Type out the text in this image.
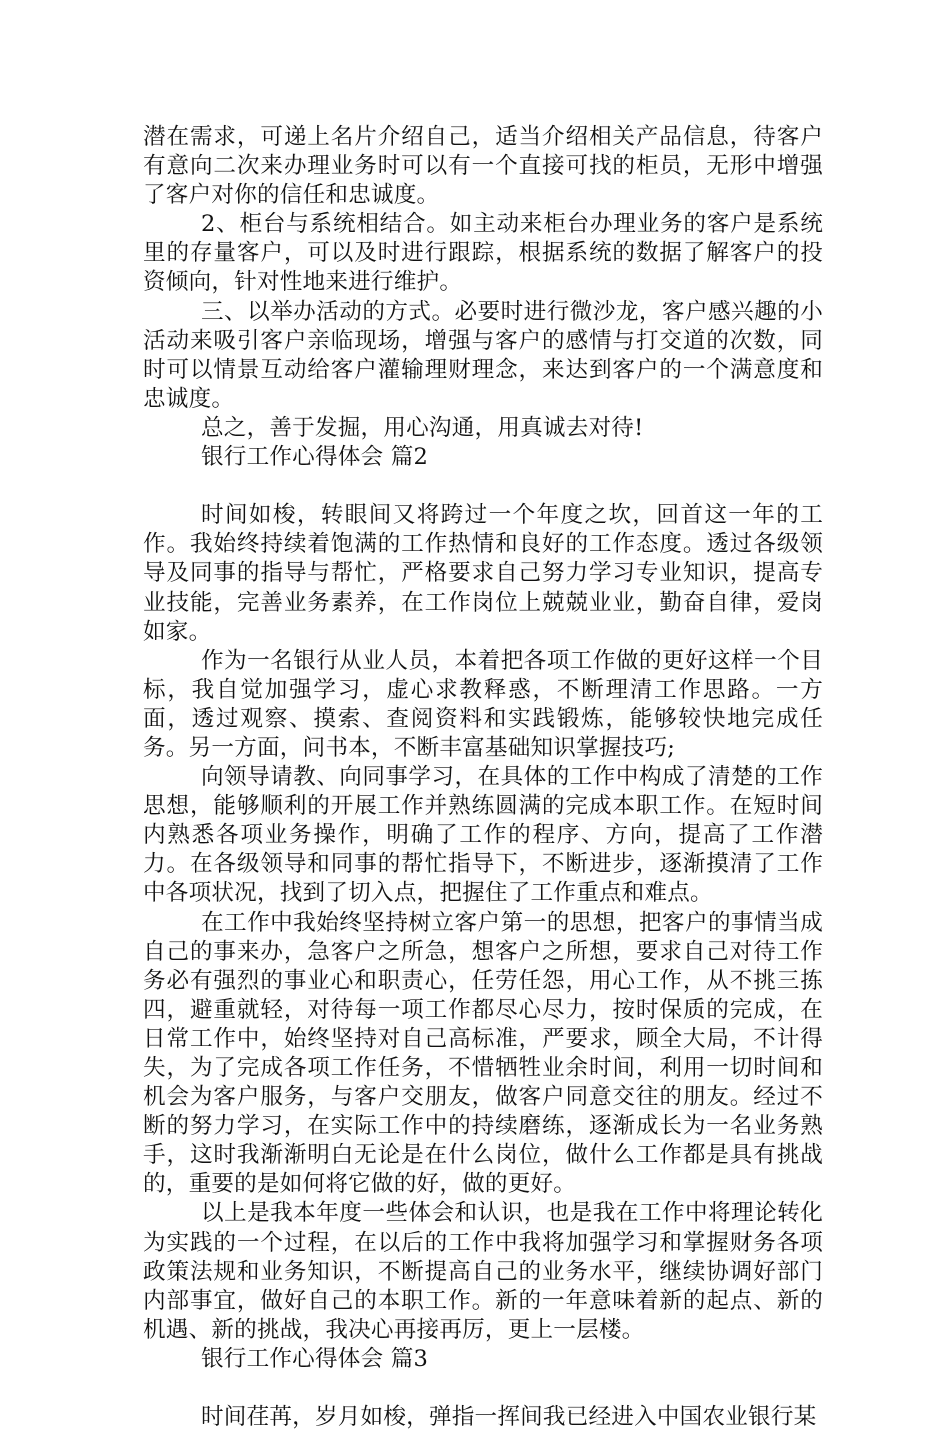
潜在需求，可递上名片介绍自己，适当介绍相关产品信息，待客户有意向二次来办理业务时可以有一个直接可找的柜员，无形中增强了客户对你的信任和忠诚度。

2、柜台与系统相结合。如主动来柜台办理业务的客户是系统里的存量客户，可以及时进行跟踪，根据系统的数据了解客户的投资倾向，针对性地来进行维护。

三、以举办活动的方式。必要时进行微沙龙，客户感兴趣的小活动来吸引客户亲临现场，增强与客户的感情与打交道的次数，同时可以情景互动给客户灌输理财理念，来达到客户的一个满意度和忠诚度。

总之，善于发掘，用心沟通，用真诚去对待!

银行工作心得体会 篇2

时间如梭，转眼间又将跨过一个年度之坎，回首这一年的工作。我始终持续着饱满的工作热情和良好的工作态度。透过各级领导及同事的指导与帮忙，严格要求自己努力学习专业知识，提高专业技能，完善业务素养，在工作岗位上兢兢业业，勤奋自律，爱岗如家。

作为一名银行从业人员，本着把各项工作做的更好这样一个目标，我自觉加强学习，虚心求教释惑，不断理清工作思路。一方面，透过观察、摸索、查阅资料和实践锻炼，能够较快地完成任务。另一方面，问书本，不断丰富基础知识掌握技巧;

向领导请教、向同事学习，在具体的工作中构成了清楚的工作思想，能够顺利的开展工作并熟练圆满的完成本职工作。在短时间内熟悉各项业务操作，明确了工作的程序、方向，提高了工作潜力。在各级领导和同事的帮忙指导下，不断进步，逐渐摸清了工作中各项状况，找到了切入点，把握住了工作重点和难点。

在工作中我始终坚持树立客户第一的思想，把客户的事情当成自己的事来办，急客户之所急，想客户之所想，要求自己对待工作务必有强烈的事业心和职责心，任劳任怨，用心工作，从不挑三拣四，避重就轻，对待每一项工作都尽心尽力，按时保质的完成，在日常工作中，始终坚持对自己高标准，严要求，顾全大局，不计得失，为了完成各项工作任务，不惜牺牲业余时间，利用一切时间和机会为客户服务，与客户交朋友，做客户同意交往的朋友。经过不断的努力学习，在实际工作中的持续磨练，逐渐成长为一名业务熟手，这时我渐渐明白无论是在什么岗位，做什么工作都是具有挑战的，重要的是如何将它做的好，做的更好。

以上是我本年度一些体会和认识，也是我在工作中将理论转化为实践的一个过程，在以后的工作中我将加强学习和掌握财务各项政策法规和业务知识，不断提高自己的业务水平，继续协调好部门内部事宜，做好自己的本职工作。新的一年意味着新的起点、新的机遇、新的挑战，我决心再接再厉，更上一层楼。

银行工作心得体会 篇3

时间荏苒，岁月如梭，弹指一挥间我已经进入中国农业银行某
